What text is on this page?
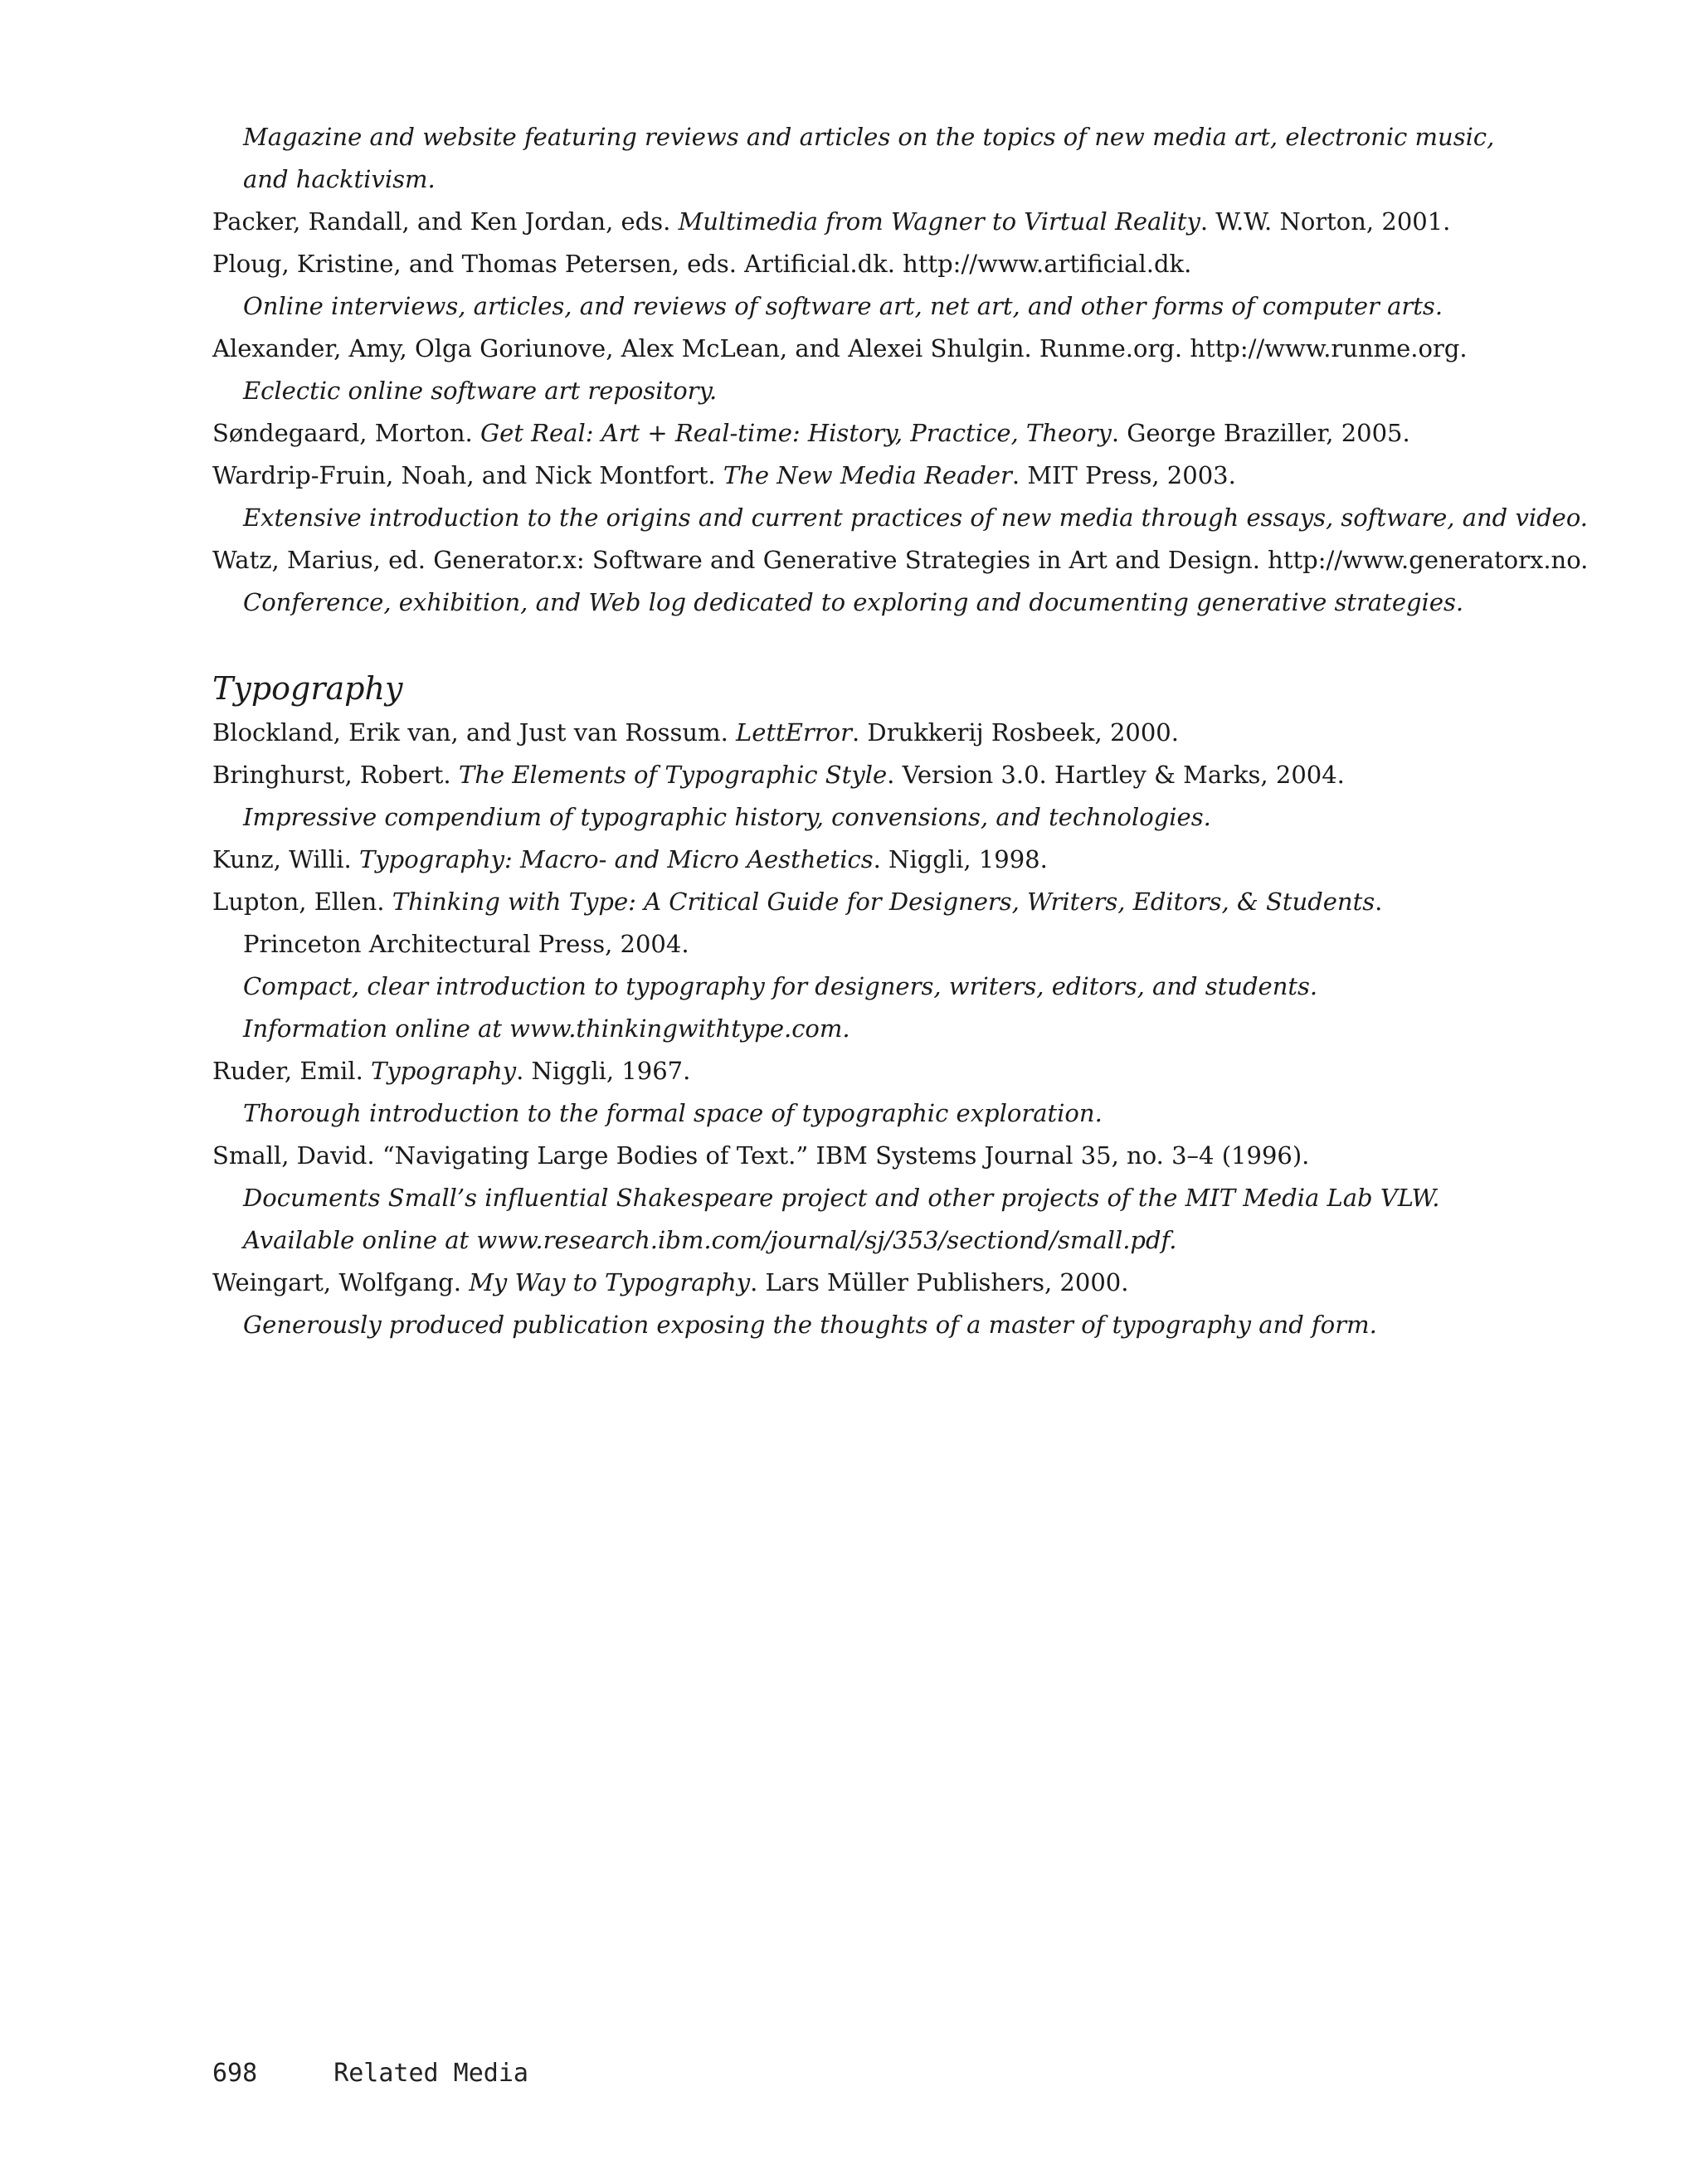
Magazine and website featuring reviews and articles on the topics of new media art, electronic music,
and hacktivism.
Packer, Randall, and Ken Jordan, eds. Multimedia from Wagner to Virtual Reality. W.W. Norton, 2001.
Ploug, Kristine, and Thomas Petersen, eds. Artificial.dk. http://www.artificial.dk.
Online interviews, articles, and reviews of software art, net art, and other forms of computer arts.
Alexander, Amy, Olga Goriunove, Alex McLean, and Alexei Shulgin. Runme.org. http://www.runme.org.
Eclectic online software art repository.
Søndegaard, Morton. Get Real: Art + Real-time: History, Practice, Theory. George Braziller, 2005.
Wardrip-Fruin, Noah, and Nick Montfort. The New Media Reader. MIT Press, 2003.
Extensive introduction to the origins and current practices of new media through essays, software, and video.
Watz, Marius, ed. Generator.x: Software and Generative Strategies in Art and Design. http://www.generatorx.no.
Conference, exhibition, and Web log dedicated to exploring and documenting generative strategies.
Typography
Blockland, Erik van, and Just van Rossum. LettError. Drukkerij Rosbeek, 2000.
Bringhurst, Robert. The Elements of Typographic Style. Version 3.0. Hartley & Marks, 2004.
Impressive compendium of typographic history, convensions, and technologies.
Kunz, Willi. Typography: Macro- and Micro Aesthetics. Niggli, 1998.
Lupton, Ellen. Thinking with Type: A Critical Guide for Designers, Writers, Editors, & Students.
Princeton Architectural Press, 2004.
Compact, clear introduction to typography for designers, writers, editors, and students.
Information online at www.thinkingwithtype.com.
Ruder, Emil. Typography. Niggli, 1967.
Thorough introduction to the formal space of typographic exploration.
Small, David. “Navigating Large Bodies of Text.” IBM Systems Journal 35, no. 3–4 (1996).
Documents Small’s influential Shakespeare project and other projects of the MIT Media Lab VLW.
Available online at www.research.ibm.com/journal/sj/353/sectiond/small.pdf.
Weingart, Wolfgang. My Way to Typography. Lars Müller Publishers, 2000.
Generously produced publication exposing the thoughts of a master of typography and form.
698	Related Media
